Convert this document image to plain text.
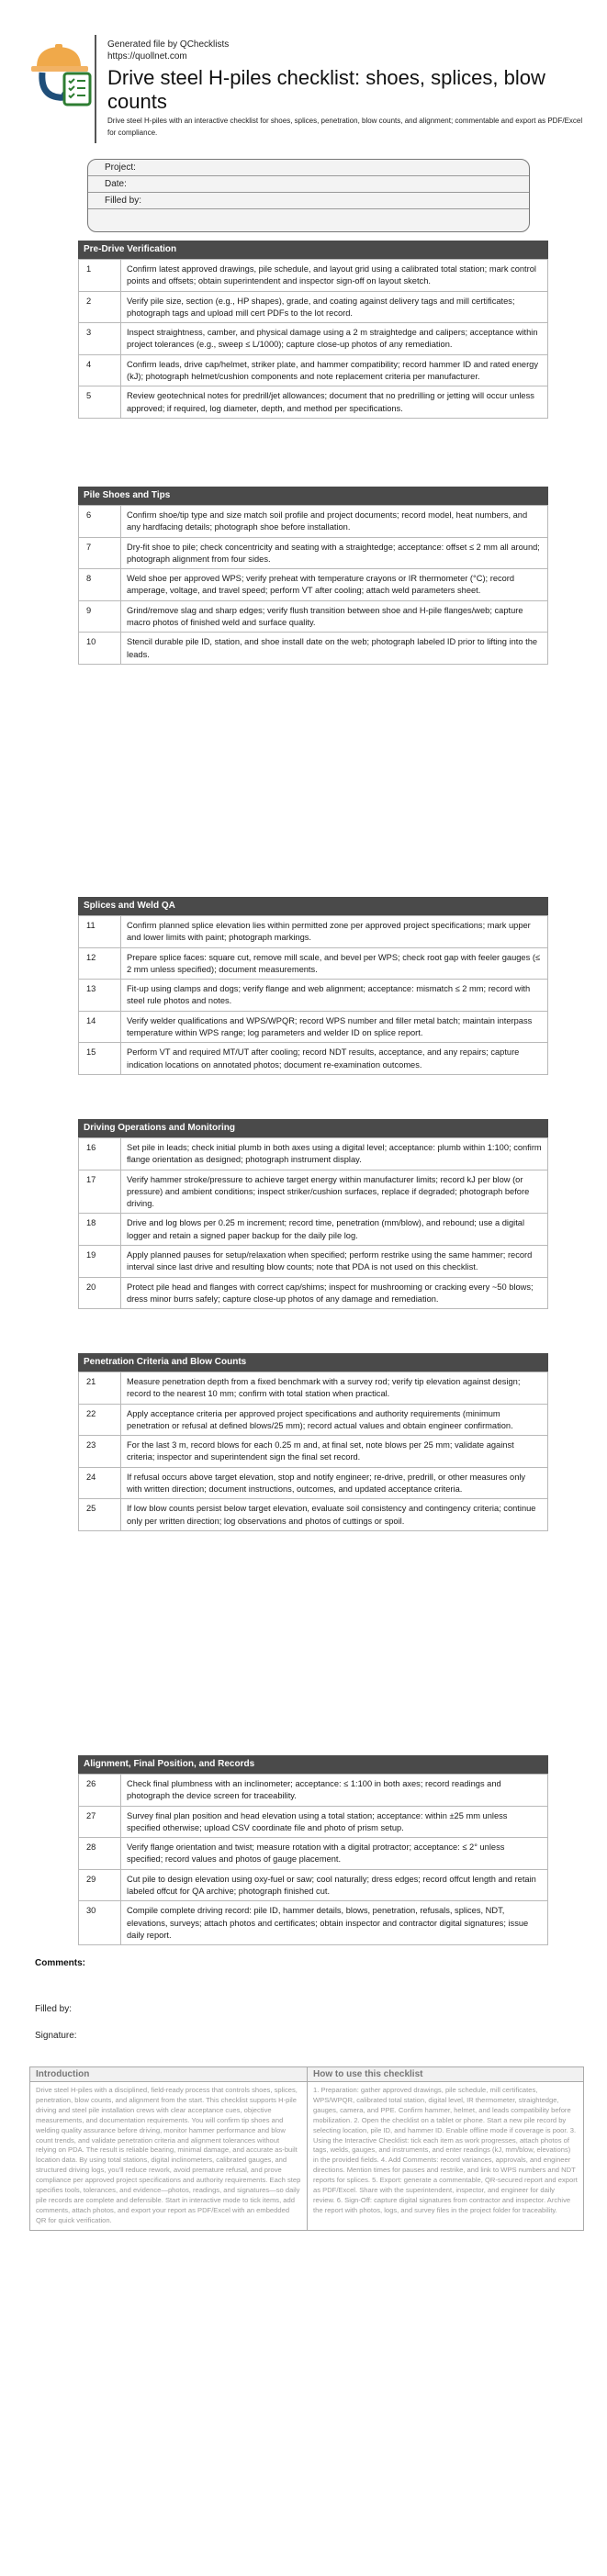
Generated file by QChecklists
https://quollnet.com
Drive steel H-piles checklist: shoes, splices, blow counts
Drive steel H-piles with an interactive checklist for shoes, splices, penetration, blow counts, and alignment; commentable and export as PDF/Excel for compliance.
Project:
Date:
Filled by:
Pre-Drive Verification
1	Confirm latest approved drawings, pile schedule, and layout grid using a calibrated total station; mark control points and offsets; obtain superintendent and inspector sign-off on layout sketch.
2	Verify pile size, section (e.g., HP shapes), grade, and coating against delivery tags and mill certificates; photograph tags and upload mill cert PDFs to the lot record.
3	Inspect straightness, camber, and physical damage using a 2 m straightedge and calipers; acceptance within project tolerances (e.g., sweep ≤ L/1000); capture close-up photos of any remediation.
4	Confirm leads, drive cap/helmet, striker plate, and hammer compatibility; record hammer ID and rated energy (kJ); photograph helmet/cushion components and note replacement criteria per manufacturer.
5	Review geotechnical notes for predrill/jet allowances; document that no predrilling or jetting will occur unless approved; if required, log diameter, depth, and method per specifications.
Pile Shoes and Tips
6	Confirm shoe/tip type and size match soil profile and project documents; record model, heat numbers, and any hardfacing details; photograph shoe before installation.
7	Dry-fit shoe to pile; check concentricity and seating with a straightedge; acceptance: offset ≤ 2 mm all around; photograph alignment from four sides.
8	Weld shoe per approved WPS; verify preheat with temperature crayons or IR thermometer (°C); record amperage, voltage, and travel speed; perform VT after cooling; attach weld parameters sheet.
9	Grind/remove slag and sharp edges; verify flush transition between shoe and H-pile flanges/web; capture macro photos of finished weld and surface quality.
10	Stencil durable pile ID, station, and shoe install date on the web; photograph labeled ID prior to lifting into the leads.
Splices and Weld QA
11	Confirm planned splice elevation lies within permitted zone per approved project specifications; mark upper and lower limits with paint; photograph markings.
12	Prepare splice faces: square cut, remove mill scale, and bevel per WPS; check root gap with feeler gauges (≤ 2 mm unless specified); document measurements.
13	Fit-up using clamps and dogs; verify flange and web alignment; acceptance: mismatch ≤ 2 mm; record with steel rule photos and notes.
14	Verify welder qualifications and WPS/WPQR; record WPS number and filler metal batch; maintain interpass temperature within WPS range; log parameters and welder ID on splice report.
15	Perform VT and required MT/UT after cooling; record NDT results, acceptance, and any repairs; capture indication locations on annotated photos; document re-examination outcomes.
Driving Operations and Monitoring
16	Set pile in leads; check initial plumb in both axes using a digital level; acceptance: plumb within 1:100; confirm flange orientation as designed; photograph instrument display.
17	Verify hammer stroke/pressure to achieve target energy within manufacturer limits; record kJ per blow (or pressure) and ambient conditions; inspect striker/cushion surfaces, replace if degraded; photograph before driving.
18	Drive and log blows per 0.25 m increment; record time, penetration (mm/blow), and rebound; use a digital logger and retain a signed paper backup for the daily pile log.
19	Apply planned pauses for setup/relaxation when specified; perform restrike using the same hammer; record interval since last drive and resulting blow counts; note that PDA is not used on this checklist.
20	Protect pile head and flanges with correct cap/shims; inspect for mushrooming or cracking every ~50 blows; dress minor burrs safely; capture close-up photos of any damage and remediation.
Penetration Criteria and Blow Counts
21	Measure penetration depth from a fixed benchmark with a survey rod; verify tip elevation against design; record to the nearest 10 mm; confirm with total station when practical.
22	Apply acceptance criteria per approved project specifications and authority requirements (minimum penetration or refusal at defined blows/25 mm); record actual values and obtain engineer confirmation.
23	For the last 3 m, record blows for each 0.25 m and, at final set, note blows per 25 mm; validate against criteria; inspector and superintendent sign the final set record.
24	If refusal occurs above target elevation, stop and notify engineer; re-drive, predrill, or other measures only with written direction; document instructions, outcomes, and updated acceptance criteria.
25	If low blow counts persist below target elevation, evaluate soil consistency and contingency criteria; continue only per written direction; log observations and photos of cuttings or spoil.
Alignment, Final Position, and Records
26	Check final plumbness with an inclinometer; acceptance: ≤ 1:100 in both axes; record readings and photograph the device screen for traceability.
27	Survey final plan position and head elevation using a total station; acceptance: within ±25 mm unless specified otherwise; upload CSV coordinate file and photo of prism setup.
28	Verify flange orientation and twist; measure rotation with a digital protractor; acceptance: ≤ 2° unless specified; record values and photos of gauge placement.
29	Cut pile to design elevation using oxy-fuel or saw; cool naturally; dress edges; record offcut length and retain labeled offcut for QA archive; photograph finished cut.
30	Compile complete driving record: pile ID, hammer details, blows, penetration, refusals, splices, NDT, elevations, surveys; attach photos and certificates; obtain inspector and contractor digital signatures; issue daily report.
Comments:
Filled by:
Signature:
Introduction
Drive steel H-piles with a disciplined, field-ready process that controls shoes, splices, penetration, blow counts, and alignment from the start. This checklist supports H-pile driving and steel pile installation crews with clear acceptance cues, objective measurements, and documentation requirements. You will confirm tip shoes and welding quality assurance before driving, monitor hammer performance and blow count trends, and validate penetration criteria and alignment tolerances without relying on PDA. The result is reliable bearing, minimal damage, and accurate as-built location data. By using total stations, digital inclinometers, calibrated gauges, and structured driving logs, you'll reduce rework, avoid premature refusal, and prove compliance per approved project specifications and authority requirements. Each step specifies tools, tolerances, and evidence—photos, readings, and signatures—so daily pile records are complete and defensible. Start in interactive mode to tick items, add comments, attach photos, and export your report as PDF/Excel with an embedded QR for quick verification.
How to use this checklist
1. Preparation: gather approved drawings, pile schedule, mill certificates, WPS/WPQR, calibrated total station, digital level, IR thermometer, straightedge, gauges, camera, and PPE. Confirm hammer, helmet, and leads compatibility before mobilization. 2. Open the checklist on a tablet or phone. Start a new pile record by selecting location, pile ID, and hammer ID. Enable offline mode if coverage is poor. 3. Using the Interactive Checklist: tick each item as work progresses, attach photos of tags, welds, gauges, and instruments, and enter readings (kJ, mm/blow, elevations) in the provided fields. 4. Add Comments: record variances, approvals, and engineer directions. Mention times for pauses and restrike, and link to WPS numbers and NDT reports for splices. 5. Export: generate a commentable, QR-secured report and export as PDF/Excel. Share with the superintendent, inspector, and engineer for daily review. 6. Sign-Off: capture digital signatures from contractor and inspector. Archive the report with photos, logs, and survey files in the project folder for traceability.
